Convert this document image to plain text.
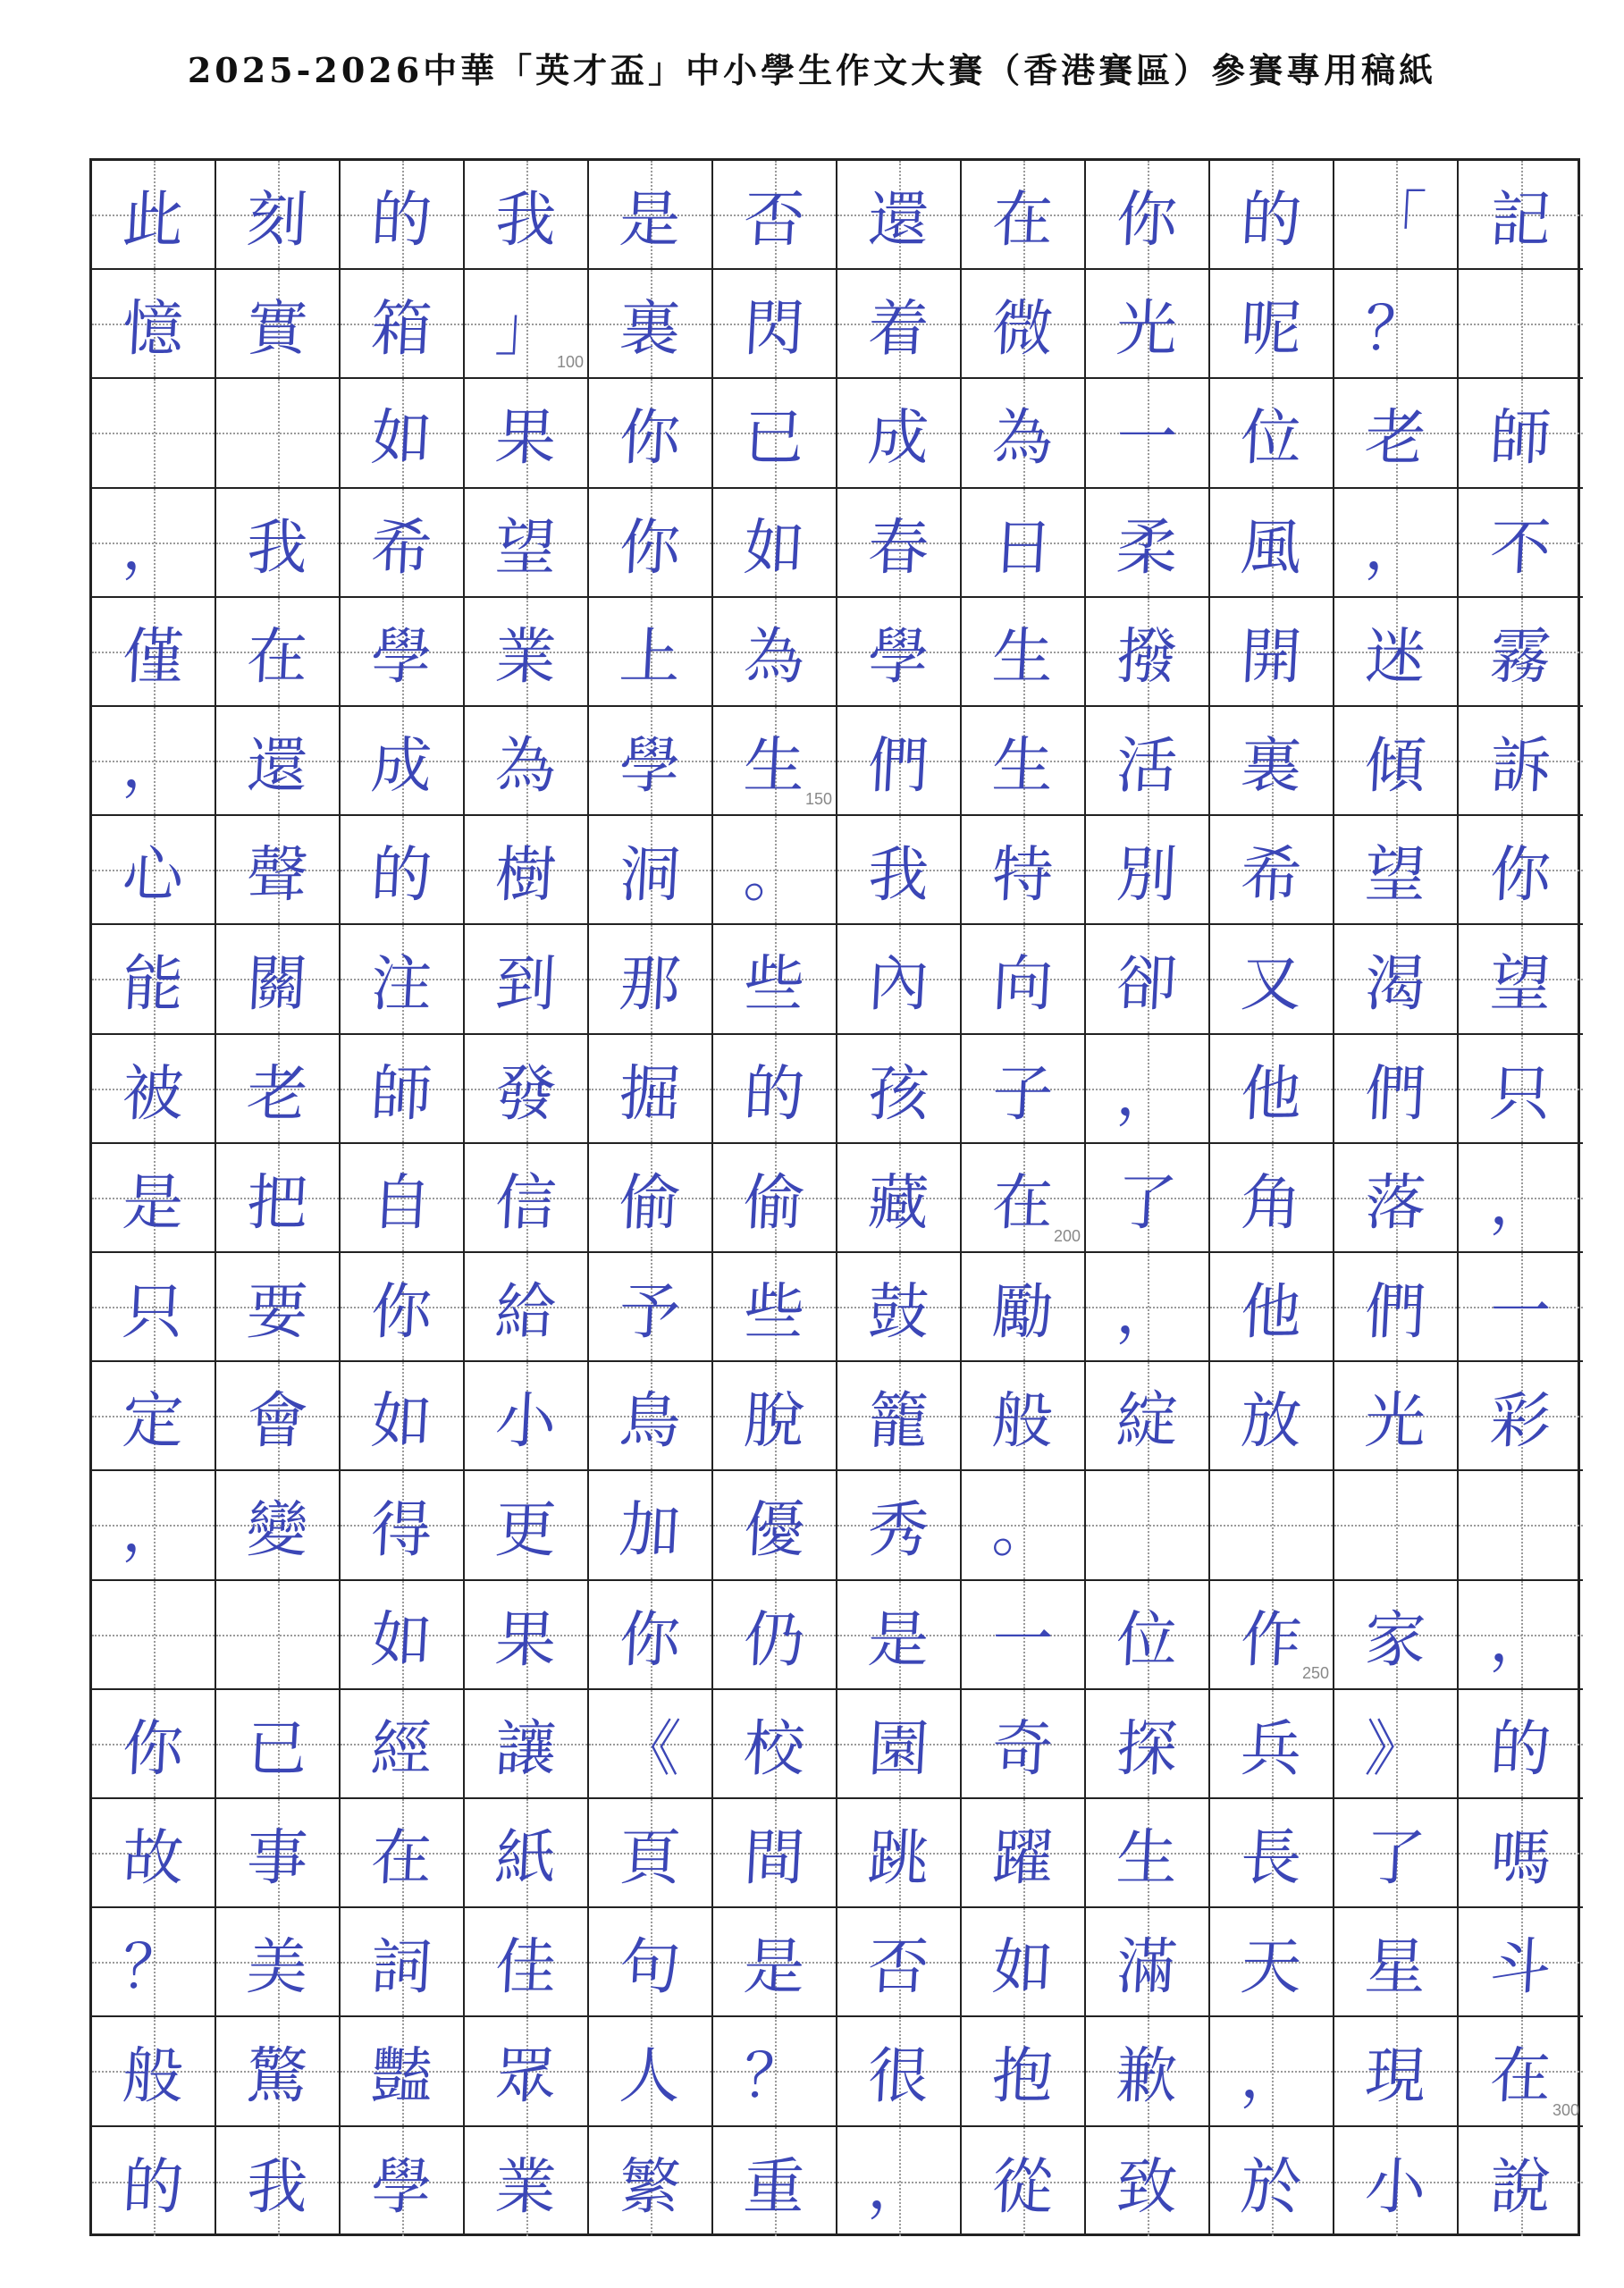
2025-2026中華「英才盃」中小學生作文大賽（香港賽區）參賽專用稿紙
此 刻 的 我 是 否 還 在 你 的 「 記
憶 實 箱 」
100 裏 閃 着 微 光 呢 ？
如 果 你 已 成 為 一 位 老 師
， 我 希 望 你 如 春 日 柔 風 ， 不
僅 在 學 業 上 為 學 生 撥 開 迷 霧
， 還 成 為 學 生
150 們 生 活 裏 傾 訴
心 聲 的 樹 洞 。 我 特 別 希 望 你
能 關 注 到 那 些 內 向 卻 又 渴 望
被 老 師 發 掘 的 孩 子 ， 他 們 只
是 把 自 信 偷 偷 藏 在
200 了 角 落 ，
只 要 你 給 予 些 鼓 勵 ， 他 們 一
定 會 如 小 鳥 脫 籠 般 綻 放 光 彩
， 變 得 更 加 優 秀 。
如 果 你 仍 是 一 位 作
250 家 ，
你 已 經 讓 《 校 園 奇 探 兵 》 的
故 事 在 紙 頁 間 跳 躍 生 長 了 嗎
？ 美 詞 佳 句 是 否 如 滿 天 星 斗
般 驚 豔 眾 人 ？ 很 抱 歉 ， 現 在 300
的 我 學 業 繁 重 ， 從 致 於 小 說
